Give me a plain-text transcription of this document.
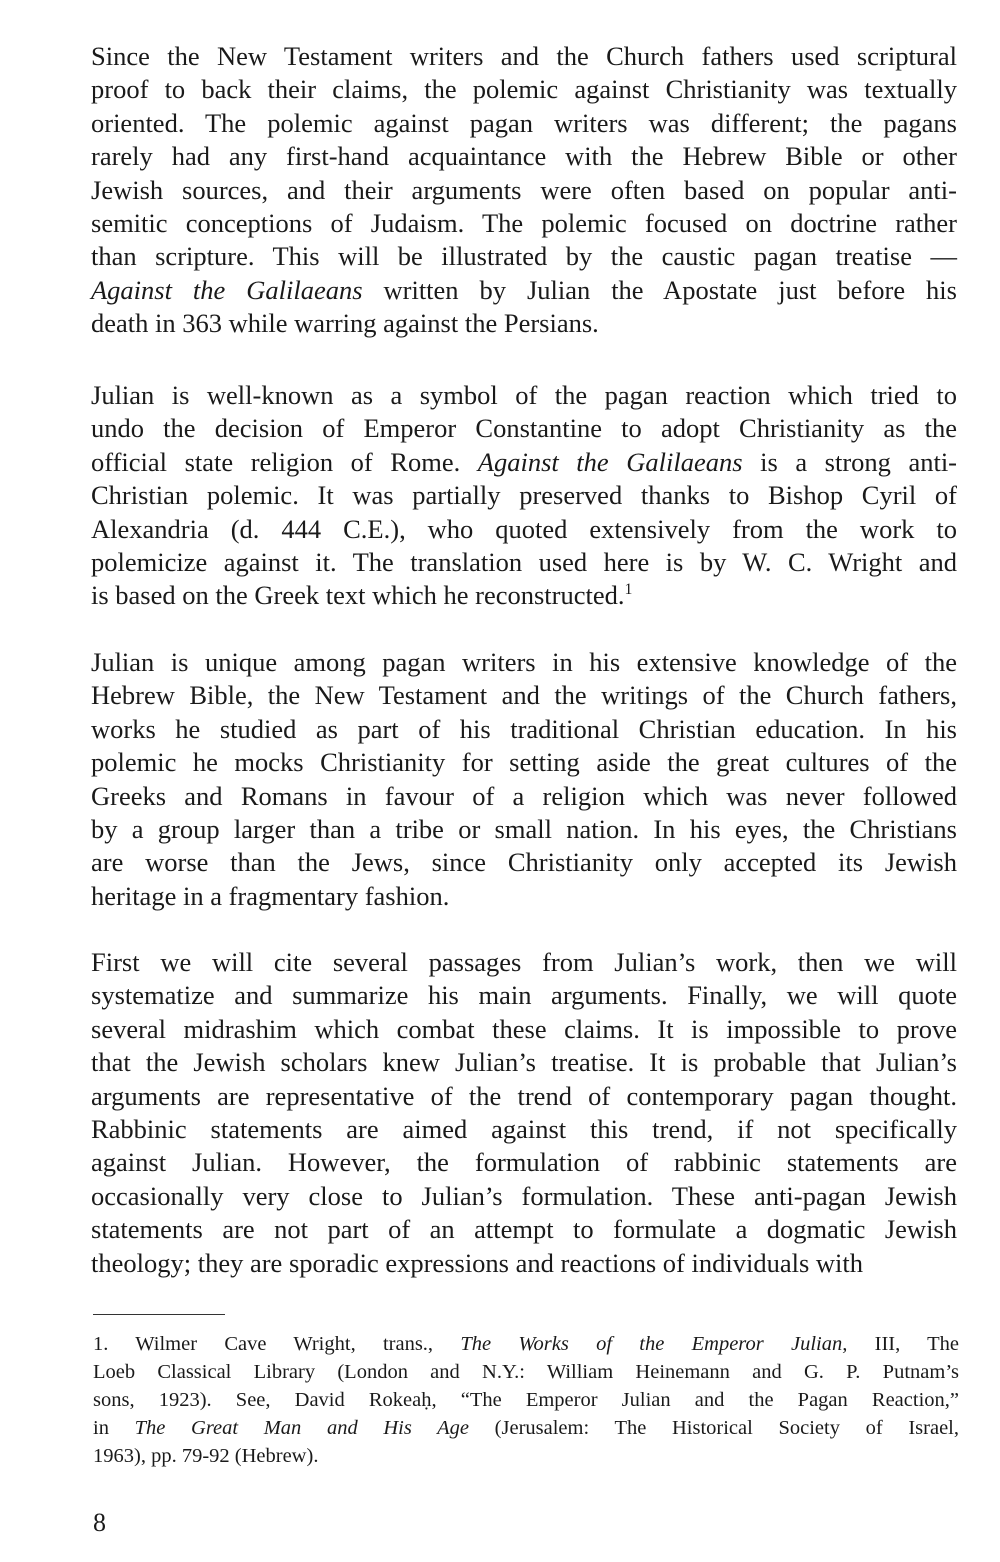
Since the New Testament writers and the Church fathers used scriptural
proof to back their claims, the polemic against Christianity was textually
oriented. The polemic against pagan writers was different; the pagans
rarely had any first-hand acquaintance with the Hebrew Bible or other
Jewish sources, and their arguments were often based on popular anti-
semitic conceptions of Judaism. The polemic focused on doctrine rather
than scripture. This will be illustrated by the caustic pagan treatise —
Against the Galilaeans written by Julian the Apostate just before his
death in 363 while warring against the Persians.
Julian is well-known as a symbol of the pagan reaction which tried to
undo the decision of Emperor Constantine to adopt Christianity as the
official state religion of Rome. Against the Galilaeans is a strong anti-
Christian polemic. It was partially preserved thanks to Bishop Cyril of
Alexandria (d. 444 C.E.), who quoted extensively from the work to
polemicize against it. The translation used here is by W. C. Wright and
is based on the Greek text which he reconstructed.$^1$
Julian is unique among pagan writers in his extensive knowledge of the
Hebrew Bible, the New Testament and the writings of the Church fathers,
works he studied as part of his traditional Christian education. In his
polemic he mocks Christianity for setting aside the great cultures of the
Greeks and Romans in favour of a religion which was never followed
by a group larger than a tribe or small nation. In his eyes, the Christians
are worse than the Jews, since Christianity only accepted its Jewish
heritage in a fragmentary fashion.
First we will cite several passages from Julian’s work, then we will
systematize and summarize his main arguments. Finally, we will quote
several midrashim which combat these claims. It is impossible to prove
that the Jewish scholars knew Julian’s treatise. It is probable that Julian’s
arguments are representative of the trend of contemporary pagan thought.
Rabbinic statements are aimed against this trend, if not specifically
against Julian. However, the formulation of rabbinic statements are
occasionally very close to Julian’s formulation. These anti-pagan Jewish
statements are not part of an attempt to formulate a dogmatic Jewish
theology; they are sporadic expressions and reactions of individuals with
1. Wilmer Cave Wright, trans., The Works of the Emperor Julian, III, The
Loeb Classical Library (London and N.Y.: William Heinemann and G. P. Putnam’s
sons, 1923). See, David Rokeaḥ, “The Emperor Julian and the Pagan Reaction,”
in The Great Man and His Age (Jerusalem: The Historical Society of Israel,
1963), pp. 79-92 (Hebrew).
8
